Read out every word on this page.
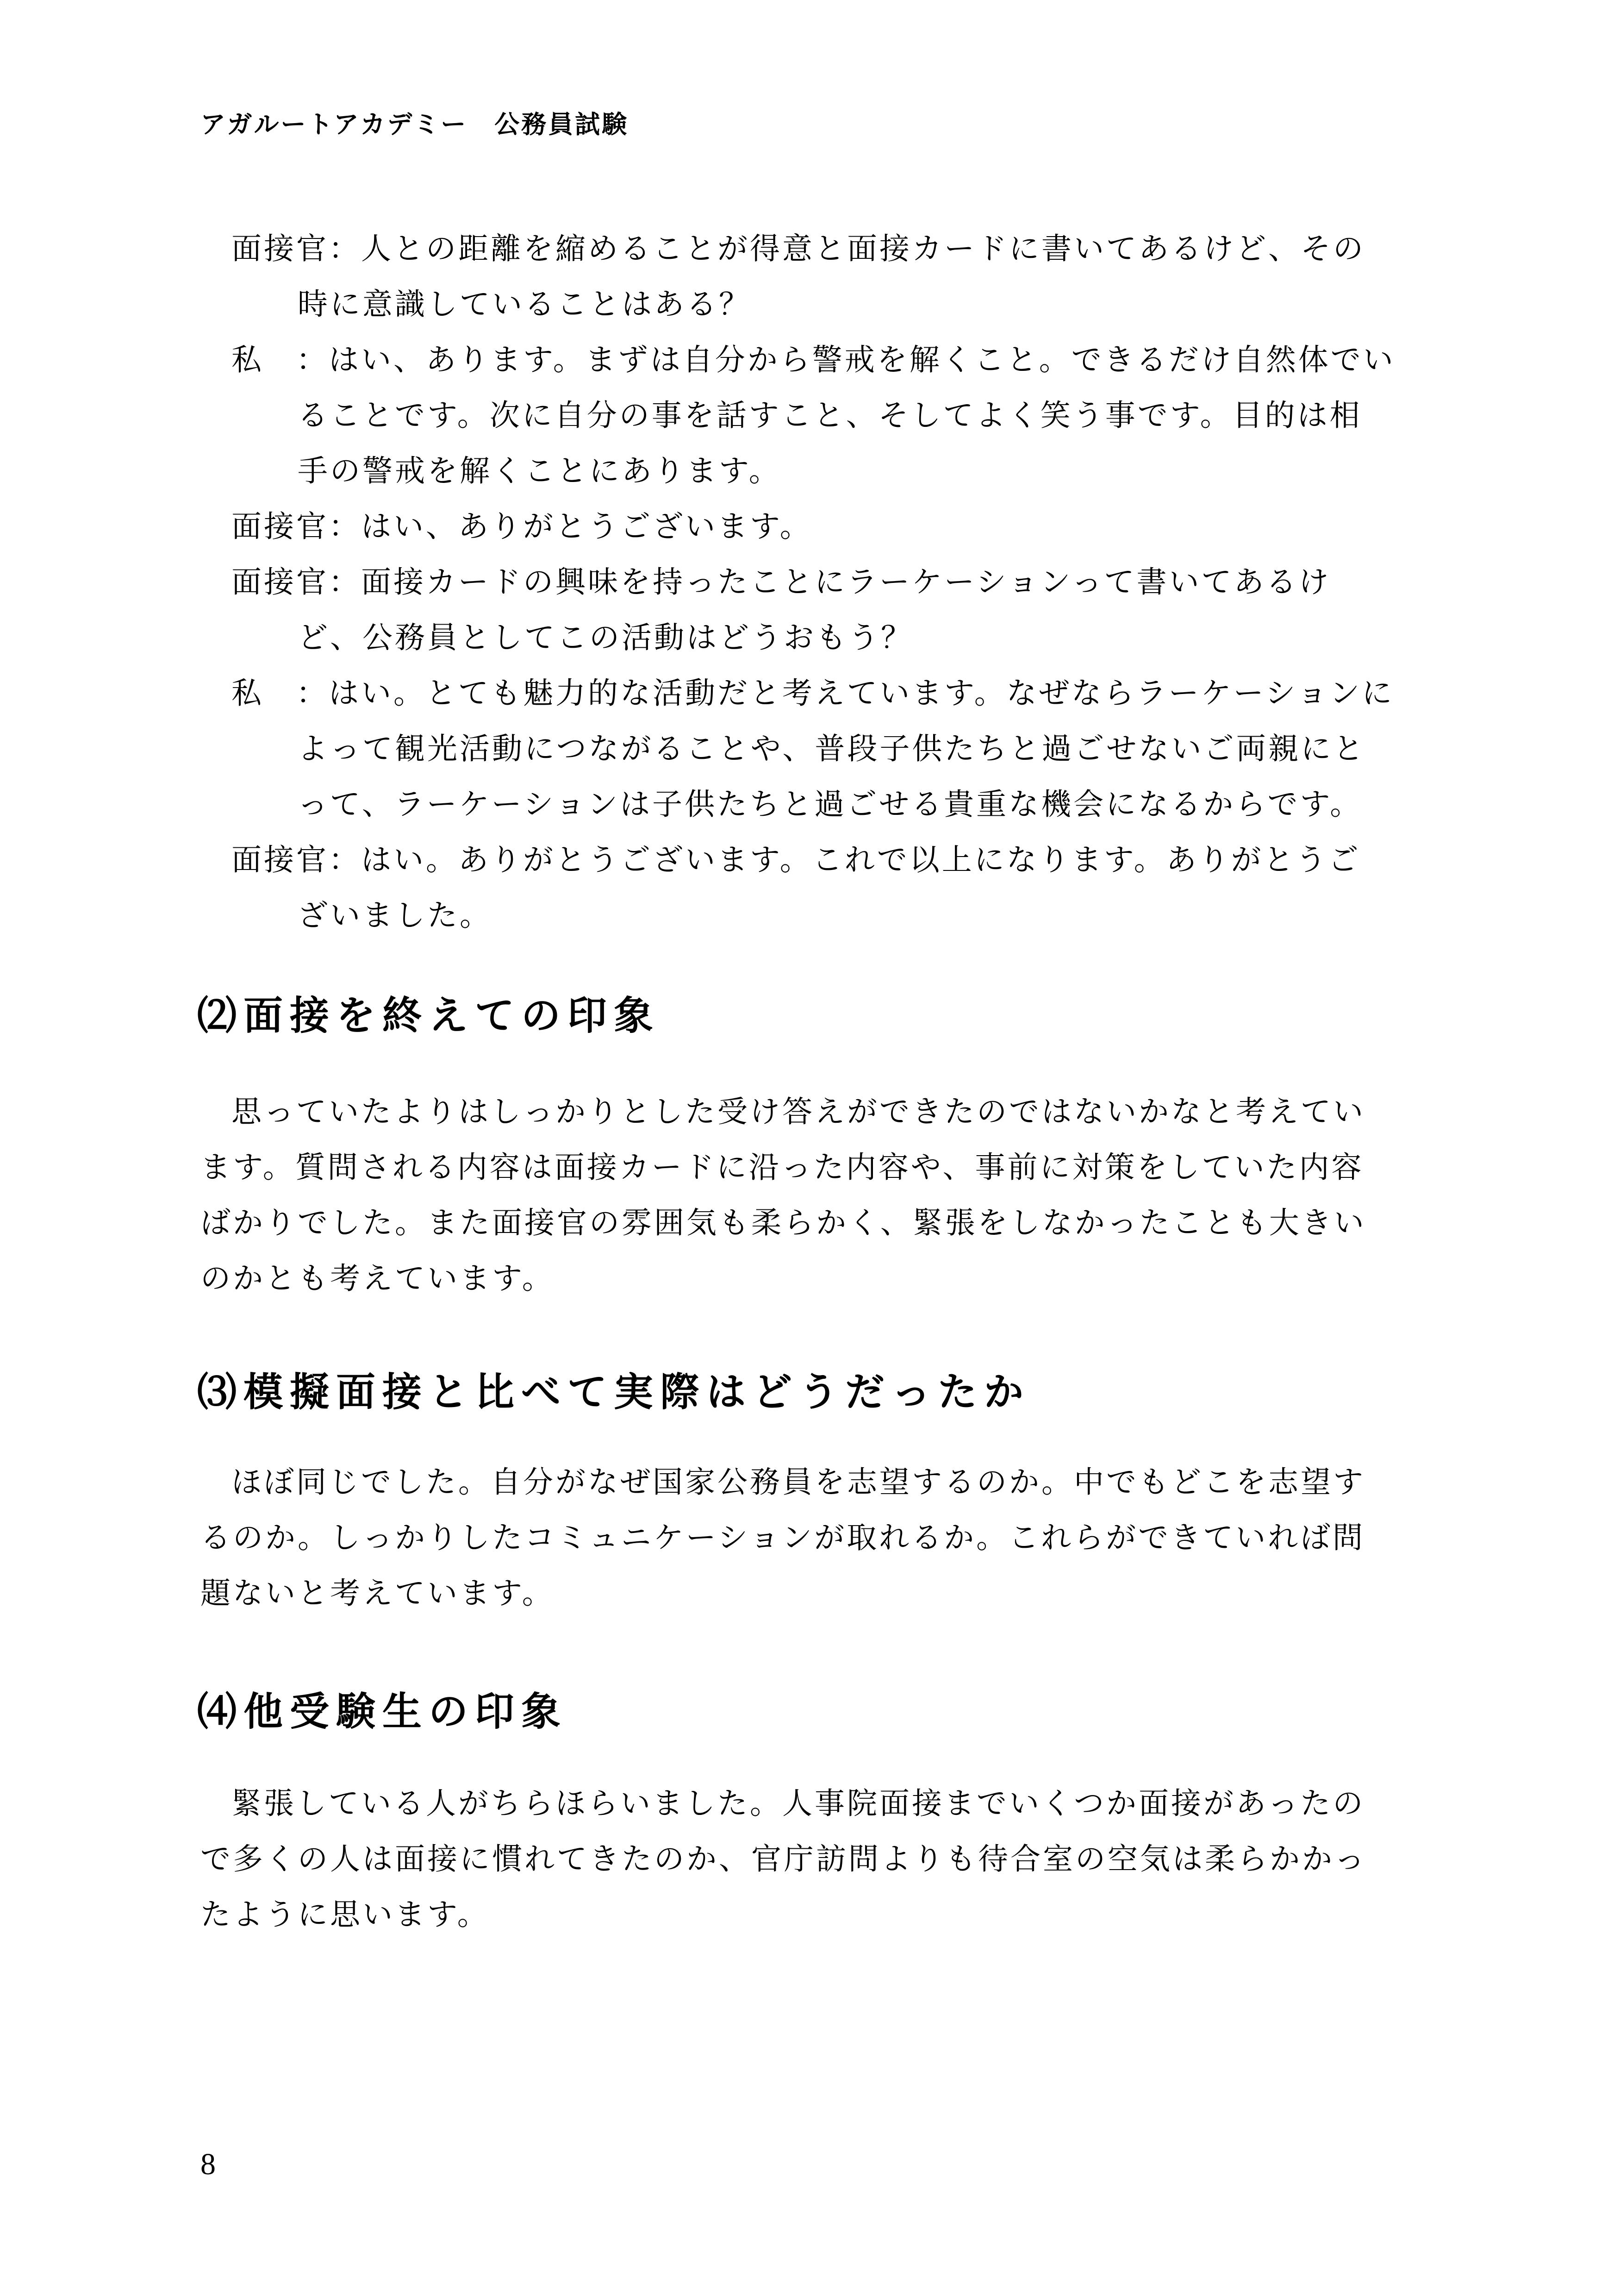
アガルートアカデミー　公務員試験
面接官：人との距離を縮めることが得意と面接カードに書いてあるけど、その
時に意識していることはある？
私　：はい、あります。まずは自分から警戒を解くこと。できるだけ自然体でい
ることです。次に自分の事を話すこと、そしてよく笑う事です。目的は相
手の警戒を解くことにあります。
面接官：はい、ありがとうございます。
面接官：面接カードの興味を持ったことにラーケーションって書いてあるけ
ど、公務員としてこの活動はどうおもう？
私　：はい。とても魅力的な活動だと考えています。なぜならラーケーションに
よって観光活動につながることや、普段子供たちと過ごせないご両親にと
って、ラーケーションは子供たちと過ごせる貴重な機会になるからです。
面接官：はい。ありがとうございます。これで以上になります。ありがとうご
ざいました。
⑵面接を終えての印象
思っていたよりはしっかりとした受け答えができたのではないかなと考えてい
ます。質問される内容は面接カードに沿った内容や、事前に対策をしていた内容
ばかりでした。また面接官の雰囲気も柔らかく、緊張をしなかったことも大きい
のかとも考えています。
⑶模擬面接と比べて実際はどうだったか
ほぼ同じでした。自分がなぜ国家公務員を志望するのか。中でもどこを志望す
るのか。しっかりしたコミュニケーションが取れるか。これらができていれば問
題ないと考えています。
⑷他受験生の印象
緊張している人がちらほらいました。人事院面接までいくつか面接があったの
で多くの人は面接に慣れてきたのか、官庁訪問よりも待合室の空気は柔らかかっ
たように思います。
8
